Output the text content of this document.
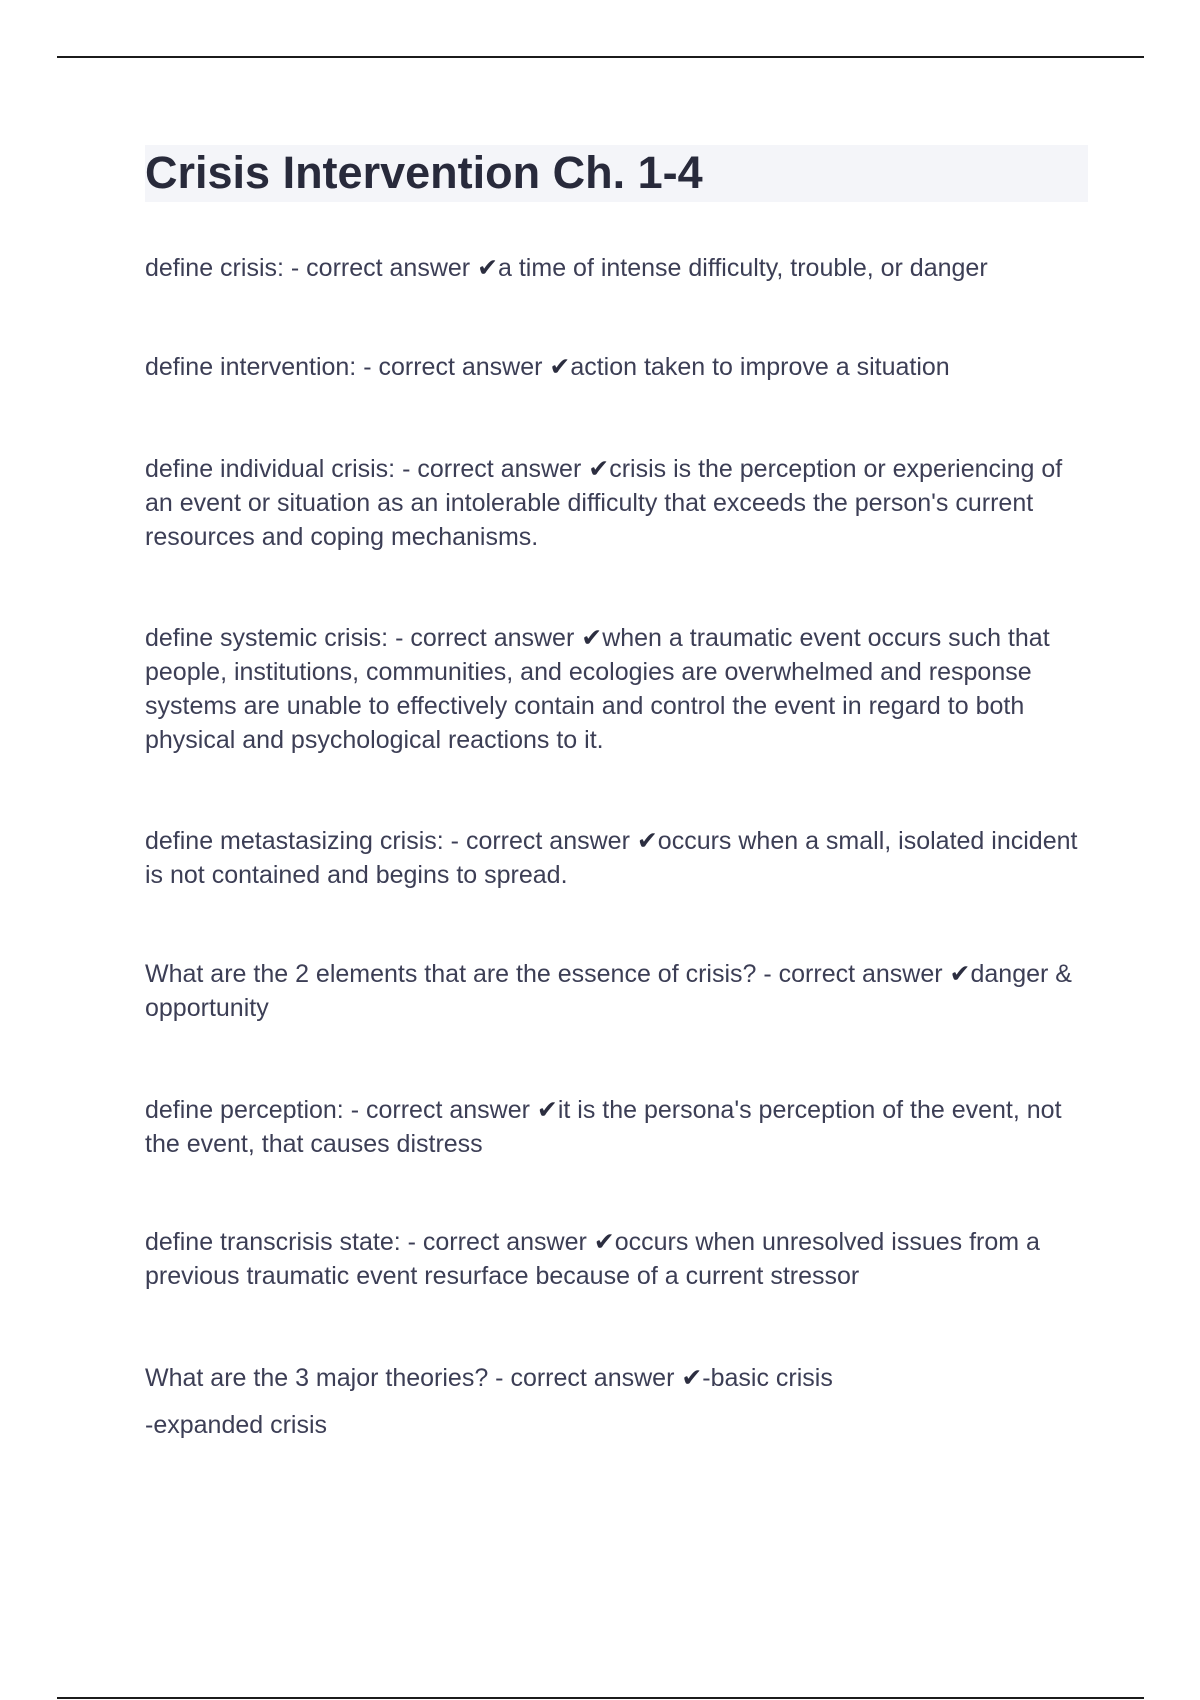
Crisis Intervention Ch. 1-4

define crisis: - correct answer ✔a time of intense difficulty, trouble, or danger

define intervention: - correct answer ✔action taken to improve a situation

define individual crisis: - correct answer ✔crisis is the perception or experiencing of an event or situation as an intolerable difficulty that exceeds the person's current resources and coping mechanisms.

define systemic crisis: - correct answer ✔when a traumatic event occurs such that people, institutions, communities, and ecologies are overwhelmed and response systems are unable to effectively contain and control the event in regard to both physical and psychological reactions to it.

define metastasizing crisis: - correct answer ✔occurs when a small, isolated incident is not contained and begins to spread.

What are the 2 elements that are the essence of crisis? - correct answer ✔danger & opportunity

define perception: - correct answer ✔it is the persona's perception of the event, not the event, that causes distress

define transcrisis state: - correct answer ✔occurs when unresolved issues from a previous traumatic event resurface because of a current stressor

What are the 3 major theories? - correct answer ✔-basic crisis

-expanded crisis
